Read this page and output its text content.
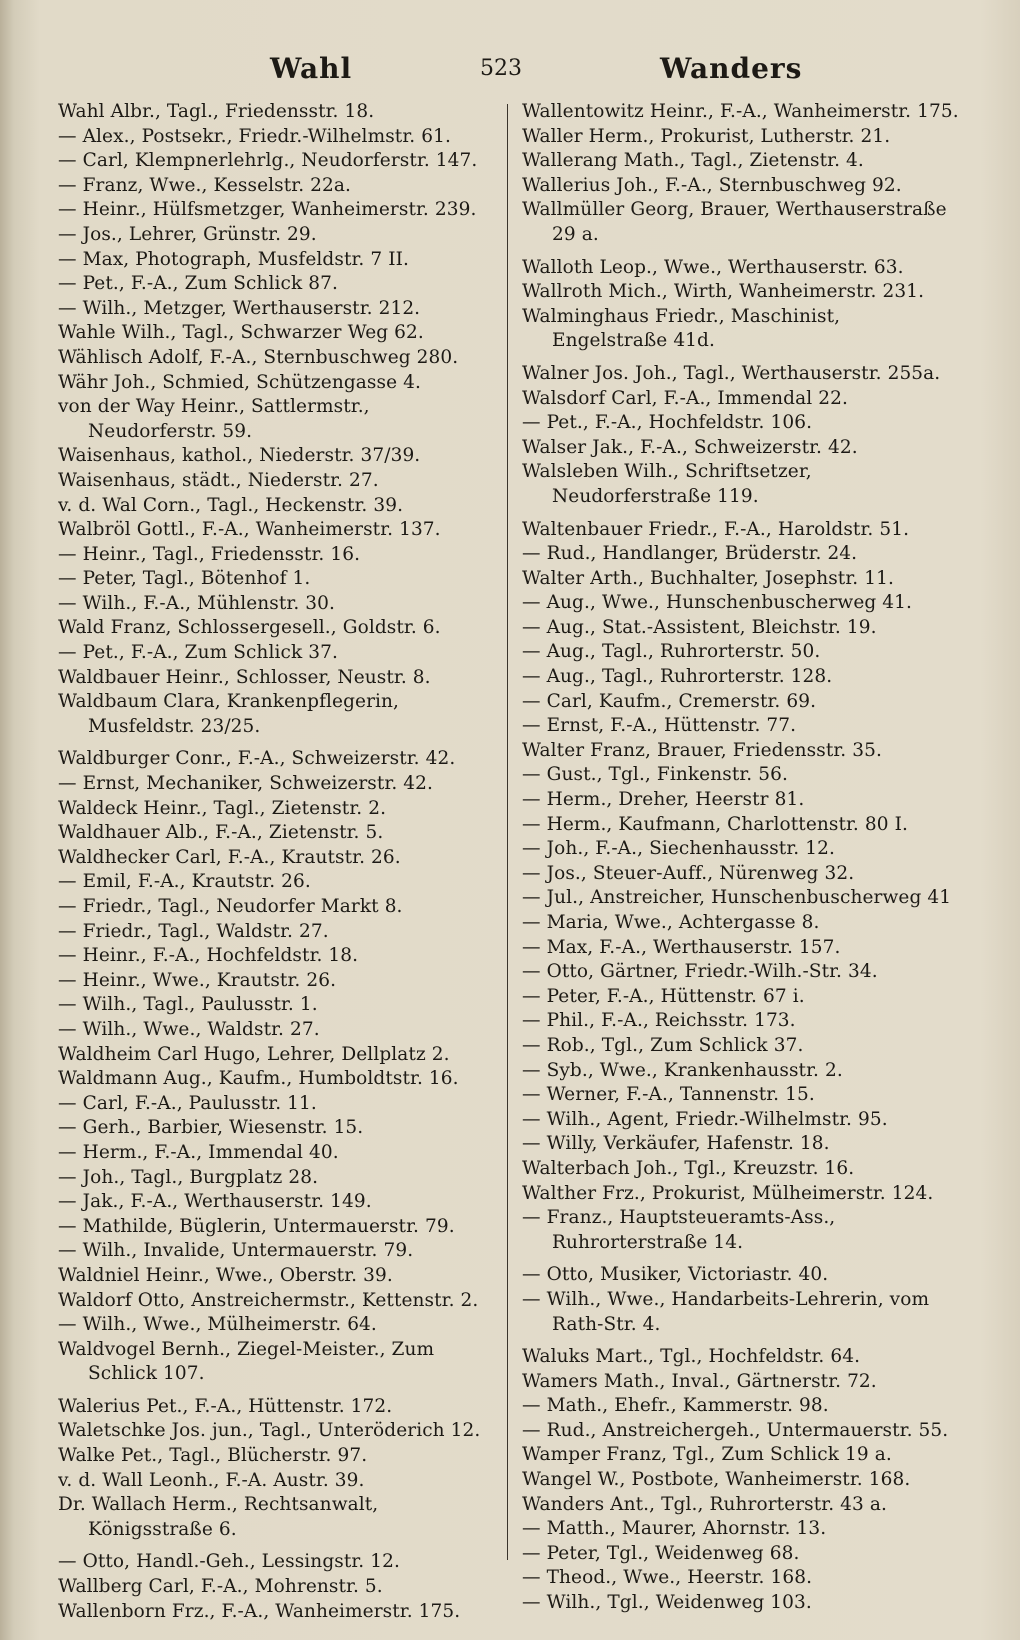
Wahl	523	Wanders
Wahl Albr., Tagl., Friedensstr. 18.
— Alex., Postsekr., Friedr.-Wilhelmstr. 61.
— Carl, Klempnerlehrlg., Neudorferstr. 147.
— Franz, Wwe., Kesselstr. 22a.
— Heinr., Hülfsmetzger, Wanheimerstr. 239.
— Jos., Lehrer, Grünstr. 29.
— Max, Photograph, Musfeldstr. 7 II.
— Pet., F.-A., Zum Schlick 87.
— Wilh., Metzger, Werthauserstr. 212.
Wahle Wilh., Tagl., Schwarzer Weg 62.
Wählisch Adolf, F.-A., Sternbuschweg 280.
Währ Joh., Schmied, Schützengasse 4.
von der Way Heinr., Sattlermstr., Neudorferstr. 59.
Waisenhaus, kathol., Niederstr. 37/39.
Waisenhaus, städt., Niederstr. 27.
v. d. Wal Corn., Tagl., Heckenstr. 39.
Walbröl Gottl., F.-A., Wanheimerstr. 137.
— Heinr., Tagl., Friedensstr. 16.
— Peter, Tagl., Bötenhof 1.
— Wilh., F.-A., Mühlenstr. 30.
Wald Franz, Schlossergesell., Goldstr. 6.
— Pet., F.-A., Zum Schlick 37.
Waldbauer Heinr., Schlosser, Neustr. 8.
Waldbaum Clara, Krankenpflegerin, Musfeldstr. 23/25.
Waldburger Conr., F.-A., Schweizerstr. 42.
— Ernst, Mechaniker, Schweizerstr. 42.
Waldeck Heinr., Tagl., Zietenstr. 2.
Waldhauer Alb., F.-A., Zietenstr. 5.
Waldhecker Carl, F.-A., Krautstr. 26.
— Emil, F.-A., Krautstr. 26.
— Friedr., Tagl., Neudorfer Markt 8.
— Friedr., Tagl., Waldstr. 27.
— Heinr., F.-A., Hochfeldstr. 18.
— Heinr., Wwe., Krautstr. 26.
— Wilh., Tagl., Paulusstr. 1.
— Wilh., Wwe., Waldstr. 27.
Waldheim Carl Hugo, Lehrer, Dellplatz 2.
Waldmann Aug., Kaufm., Humboldtstr. 16.
— Carl, F.-A., Paulusstr. 11.
— Gerh., Barbier, Wiesenstr. 15.
— Herm., F.-A., Immendal 40.
— Joh., Tagl., Burgplatz 28.
— Jak., F.-A., Werthauserstr. 149.
— Mathilde, Büglerin, Untermauerstr. 79.
— Wilh., Invalide, Untermauerstr. 79.
Waldniel Heinr., Wwe., Oberstr. 39.
Waldorf Otto, Anstreichermstr., Kettenstr. 2.
— Wilh., Wwe., Mülheimerstr. 64.
Waldvogel Bernh., Ziegel-Meister., Zum Schlick 107.
Walerius Pet., F.-A., Hüttenstr. 172.
Waletschke Jos. jun., Tagl., Unteröderich 12.
Walke Pet., Tagl., Blücherstr. 97.
v. d. Wall Leonh., F.-A. Austr. 39.
Dr. Wallach Herm., Rechtsanwalt, Königsstraße 6.
— Otto, Handl.-Geh., Lessingstr. 12.
Wallberg Carl, F.-A., Mohrenstr. 5.
Wallenborn Frz., F.-A., Wanheimerstr. 175.
Wallentowitz Heinr., F.-A., Wanheimerstr. 175.
Waller Herm., Prokurist, Lutherstr. 21.
Wallerang Math., Tagl., Zietenstr. 4.
Wallerius Joh., F.-A., Sternbuschweg 92.
Wallmüller Georg, Brauer, Werthauserstraße 29 a.
Walloth Leop., Wwe., Werthauserstr. 63.
Wallroth Mich., Wirth, Wanheimerstr. 231.
Walminghaus Friedr., Maschinist, Engelstraße 41d.
Walner Jos. Joh., Tagl., Werthauserstr. 255a.
Walsdorf Carl, F.-A., Immendal 22.
— Pet., F.-A., Hochfeldstr. 106.
Walser Jak., F.-A., Schweizerstr. 42.
Walsleben Wilh., Schriftsetzer, Neudorferstraße 119.
Waltenbauer Friedr., F.-A., Haroldstr. 51.
— Rud., Handlanger, Brüderstr. 24.
Walter Arth., Buchhalter, Josephstr. 11.
— Aug., Wwe., Hunschenbuscherweg 41.
— Aug., Stat.-Assistent, Bleichstr. 19.
— Aug., Tagl., Ruhrorterstr. 50.
— Aug., Tagl., Ruhrorterstr. 128.
— Carl, Kaufm., Cremerstr. 69.
— Ernst, F.-A., Hüttenstr. 77.
Walter Franz, Brauer, Friedensstr. 35.
— Gust., Tgl., Finkenstr. 56.
— Herm., Dreher, Heerstr 81.
— Herm., Kaufmann, Charlottenstr. 80 I.
— Joh., F.-A., Siechenhausstr. 12.
— Jos., Steuer-Auff., Nürenweg 32.
— Jul., Anstreicher, Hunschenbuscherweg 41
— Maria, Wwe., Achtergasse 8.
— Max, F.-A., Werthauserstr. 157.
— Otto, Gärtner, Friedr.-Wilh.-Str. 34.
— Peter, F.-A., Hüttenstr. 67 i.
— Phil., F.-A., Reichsstr. 173.
— Rob., Tgl., Zum Schlick 37.
— Syb., Wwe., Krankenhausstr. 2.
— Werner, F.-A., Tannenstr. 15.
— Wilh., Agent, Friedr.-Wilhelmstr. 95.
— Willy, Verkäufer, Hafenstr. 18.
Walterbach Joh., Tgl., Kreuzstr. 16.
Walther Frz., Prokurist, Mülheimerstr. 124.
— Franz., Hauptsteueramts-Ass., Ruhrorterstraße 14.
— Otto, Musiker, Victoriastr. 40.
— Wilh., Wwe., Handarbeits-Lehrerin, vom Rath-Str. 4.
Waluks Mart., Tgl., Hochfeldstr. 64.
Wamers Math., Inval., Gärtnerstr. 72.
— Math., Ehefr., Kammerstr. 98.
— Rud., Anstreichergeh., Untermauerstr. 55.
Wamper Franz, Tgl., Zum Schlick 19 a.
Wangel W., Postbote, Wanheimerstr. 168.
Wanders Ant., Tgl., Ruhrorterstr. 43 a.
— Matth., Maurer, Ahornstr. 13.
— Peter, Tgl., Weidenweg 68.
— Theod., Wwe., Heerstr. 168.
— Wilh., Tgl., Weidenweg 103.
